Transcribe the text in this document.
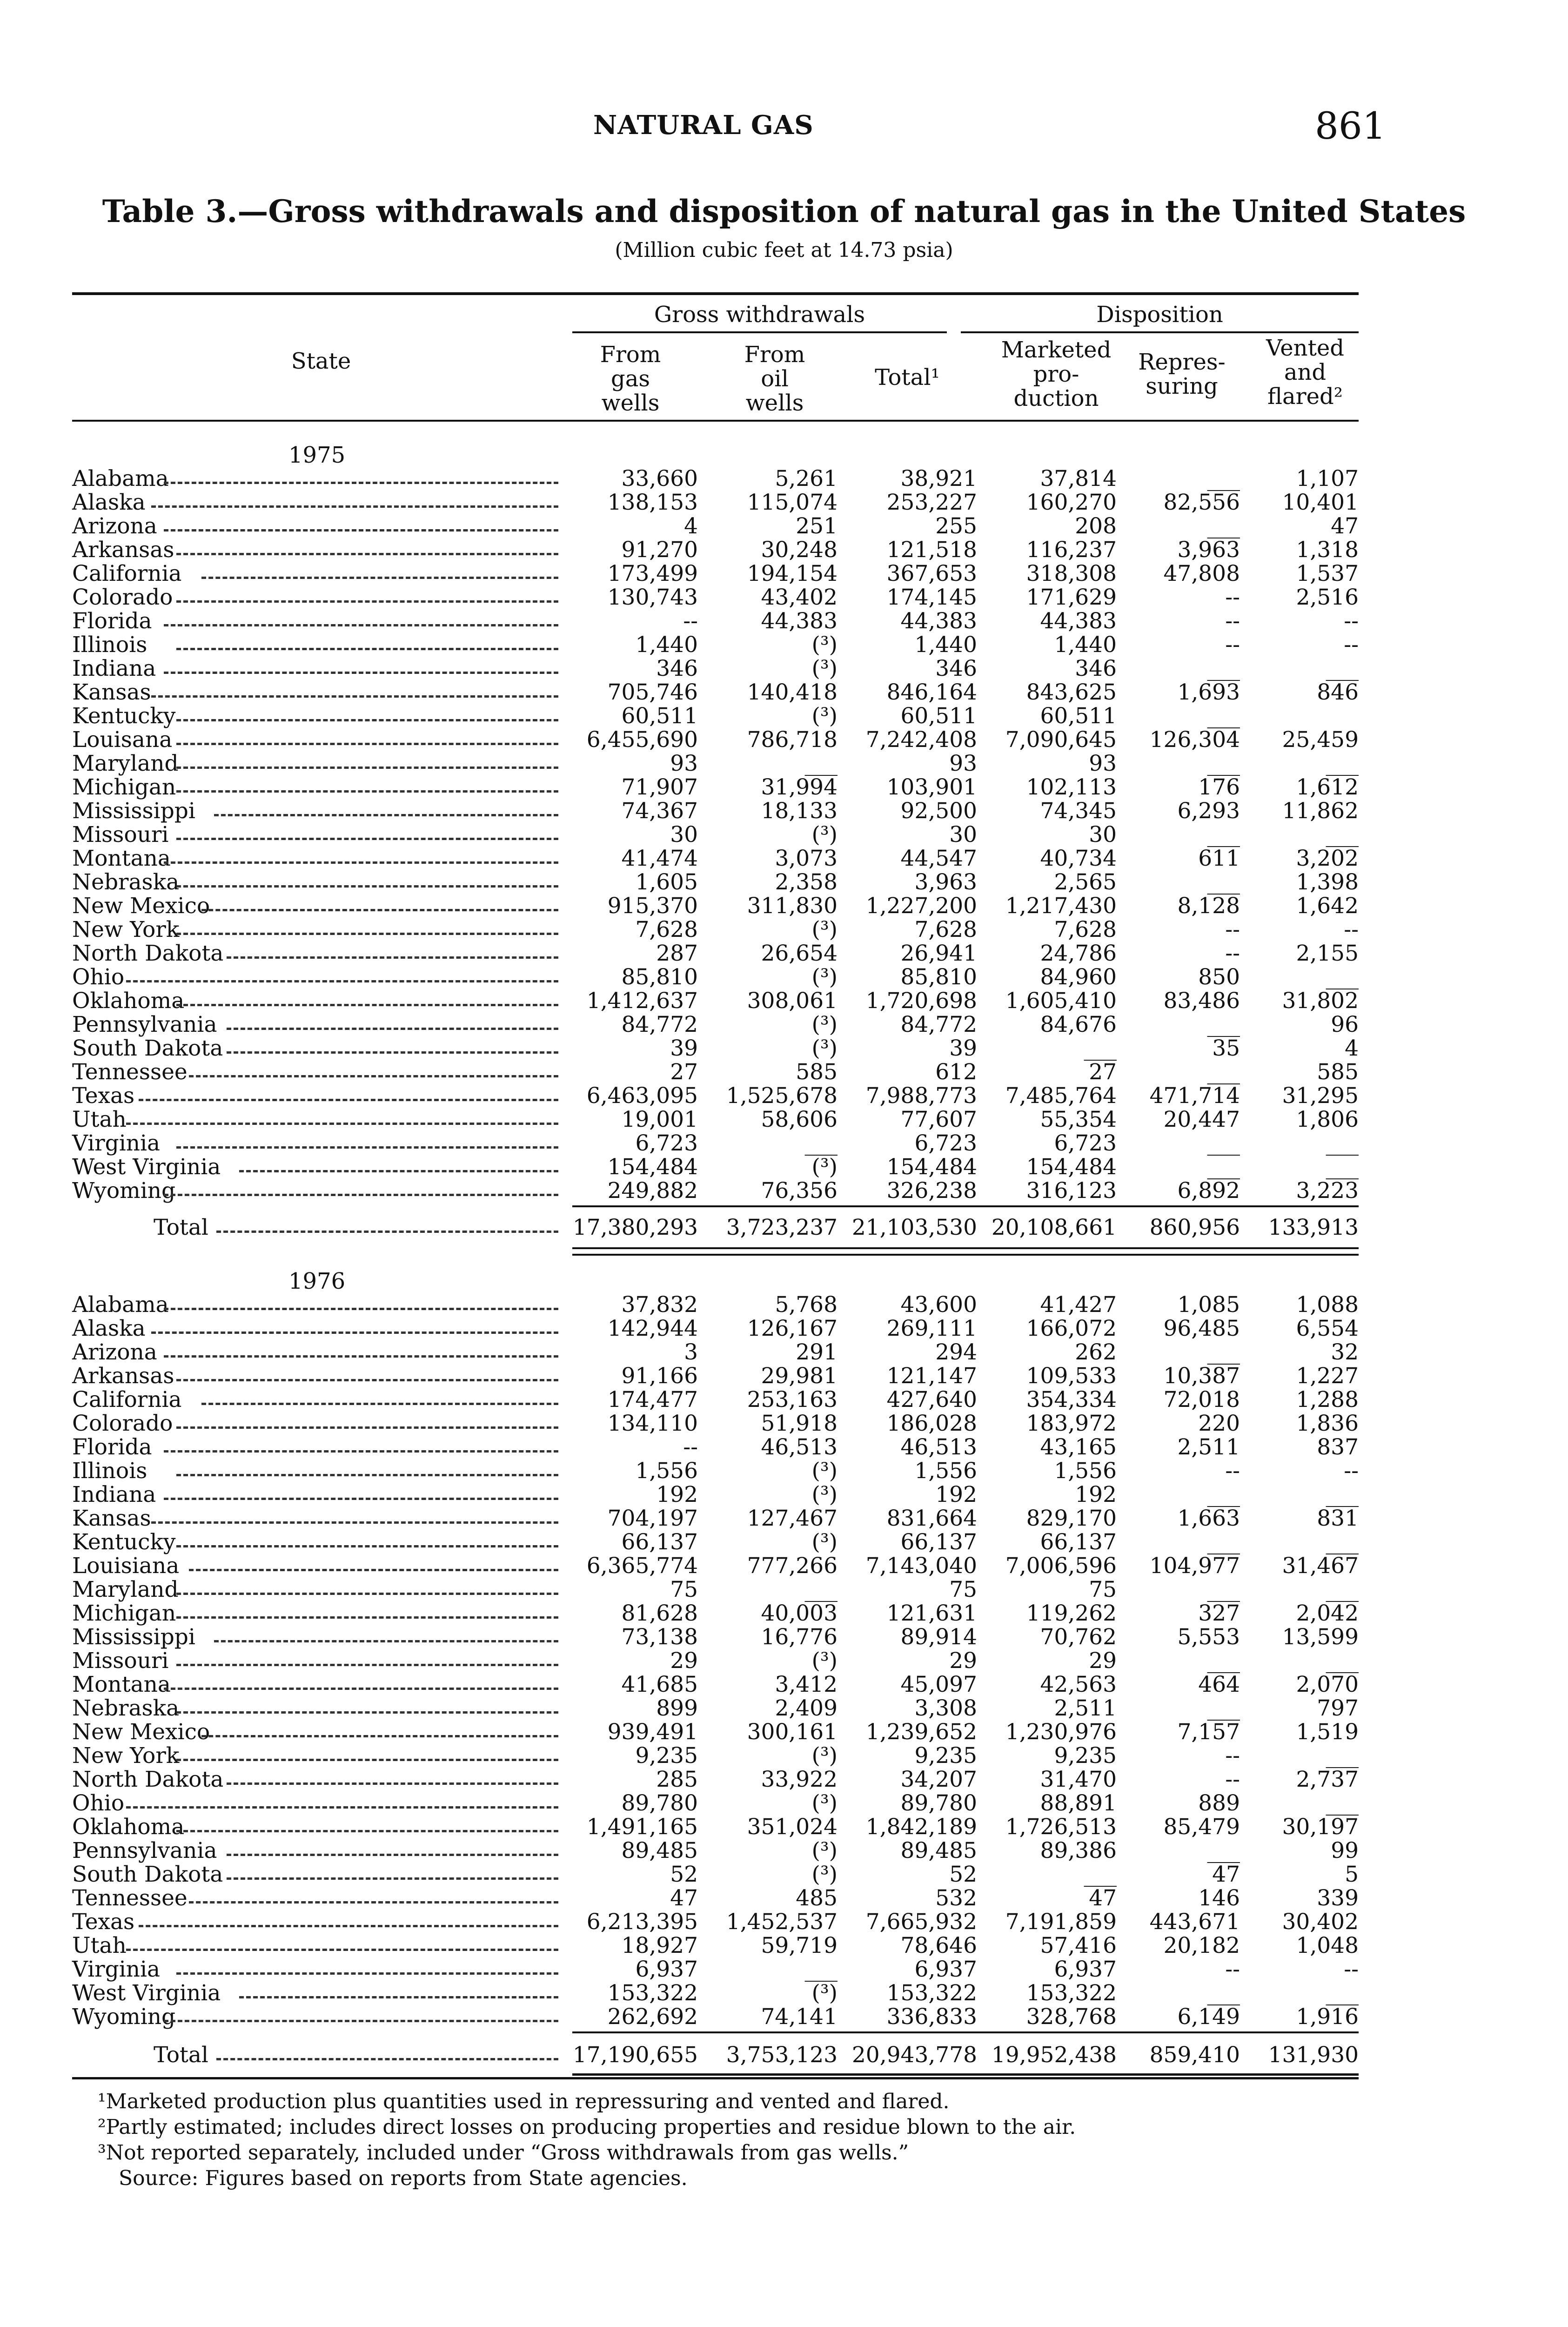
NATURAL GAS	861
Table 3.—Gross withdrawals and disposition of natural gas in the United States
(Million cubic feet at 14.73 psia)
Gross withdrawals	Disposition
State	From gas wells
From oil wells
Total¹
Marketed pro- duction
Repres- suring
Vented and flared²
1975
Alabama	33,660	5,261	38,921	37,814	___	1,107
Alaska	138,153 115,074 253,227 160,270 82,556 10,401
Arizona	4	251	255	208	___	47
Arkansas	91,270	30,248 121,518 116,237	3,963	1,318
California	173,499 194,154 367,653 318,308 47,808	1,537
Colorado	130,743	43,402 174,145 171,629	--	2,516
Florida	--	44,383	44,383	44,383	--	--
Illinois	1,440	(³)	1,440	1,440	--	--
Indiana	346	(³)	346	346	___	___
Kansas	705,746 140,418 846,164 843,625	1,693	846
Kentucky	60,511	(³)	60,511	60,511	___
Louisana	6,455,690 786,718 7,242,408 7,090,645 126,304 25,459
Maryland	93	___	93	93	___	___
Michigan	71,907	31,994 103,901 102,113	176	1,612
Mississippi	74,367	18,133	92,500	74,345	6,293 11,862
Missouri	30	(³)	30	30	___	___
Montana	41,474	3,073	44,547	40,734	611	3,202
Nebraska	1,605	2,358	3,963	2,565	___	1,398
New Mexico	915,370 311,830 1,227,200 1,217,430	8,128	1,642
New York	7,628	(³)	7,628	7,628	--	--
North Dakota	287	26,654	26,941	24,786	--	2,155
Ohio	85,810	(³)	85,810	84,960	850	___
Oklahoma	1,412,637 308,061 1,720,698 1,605,410 83,486 31,802
Pennsylvania	84,772	(³)	84,772	84,676	___	96
South Dakota	39	(³)	39	___	35	4
Tennessee	27	585	612	27	___	585
Texas	6,463,095 1,525,678 7,988,773 7,485,764 471,714 31,295
Utah	19,001	58,606	77,607	55,354 20,447	1,806
Virginia	6,723	___	6,723	6,723	___	___
West Virginia	154,484	(³) 154,484 154,484	___	___
Wyoming	249,882	76,356 326,238 316,123	6,892	3,223
Total	17,380,293 3,723,237 21,103,530 20,108,661 860,956 133,913
1976
Alabama	37,832	5,768	43,600	41,427	1,085	1,088
Alaska	142,944 126,167 269,111 166,072 96,485	6,554
Arizona	3	291	294	262	___	32
Arkansas	91,166	29,981 121,147 109,533 10,387	1,227
California	174,477 253,163 427,640 354,334 72,018	1,288
Colorado	134,110	51,918 186,028 183,972	220	1,836
Florida	--	46,513	46,513	43,165	2,511	837
Illinois	1,556	(³)	1,556	1,556	--	--
Indiana	192	(³)	192	192	___	___
Kansas	704,197 127,467 831,664 829,170	1,663	831
Kentucky	66,137	(³)	66,137	66,137	___	___
Louisiana	6,365,774 777,266 7,143,040 7,006,596 104,977 31,467
Maryland	75	___	75	75	___	___
Michigan	81,628	40,003 121,631 119,262	327	2,042
Mississippi	73,138	16,776	89,914	70,762	5,553 13,599
Missouri	29	(³)	29	29	___	___
Montana	41,685	3,412	45,097	42,563	464	2,070
Nebraska	899	2,409	3,308	2,511	___	797
New Mexico	939,491 300,161 1,239,652 1,230,976	7,157	1,519
New York	9,235	(³)	9,235	9,235	--	___
North Dakota	285	33,922	34,207	31,470	--	2,737
Ohio	89,780	(³)	89,780	88,891	889	___
Oklahoma	1,491,165 351,024 1,842,189 1,726,513 85,479 30,197
Pennsylvania	89,485	(³)	89,485	89,386	___	99
South Dakota	52	(³)	52	___	47	5
Tennessee	47	485	532	47	146	339
Texas	6,213,395 1,452,537 7,665,932 7,191,859 443,671 30,402
Utah	18,927	59,719	78,646	57,416 20,182	1,048
Virginia	6,937	___	6,937	6,937	--	--
West Virginia	153,322	(³) 153,322 153,322	___	___
Wyoming	262,692	74,141 336,833 328,768	6,149	1,916
Total	17,190,655 3,753,123 20,943,778 19,952,438 859,410 131,930
¹Marketed production plus quantities used in repressuring and vented and flared.
²Partly estimated; includes direct losses on producing properties and residue blown to the air.
³Not reported separately, included under “Gross withdrawals from gas wells.”
Source: Figures based on reports from State agencies.
